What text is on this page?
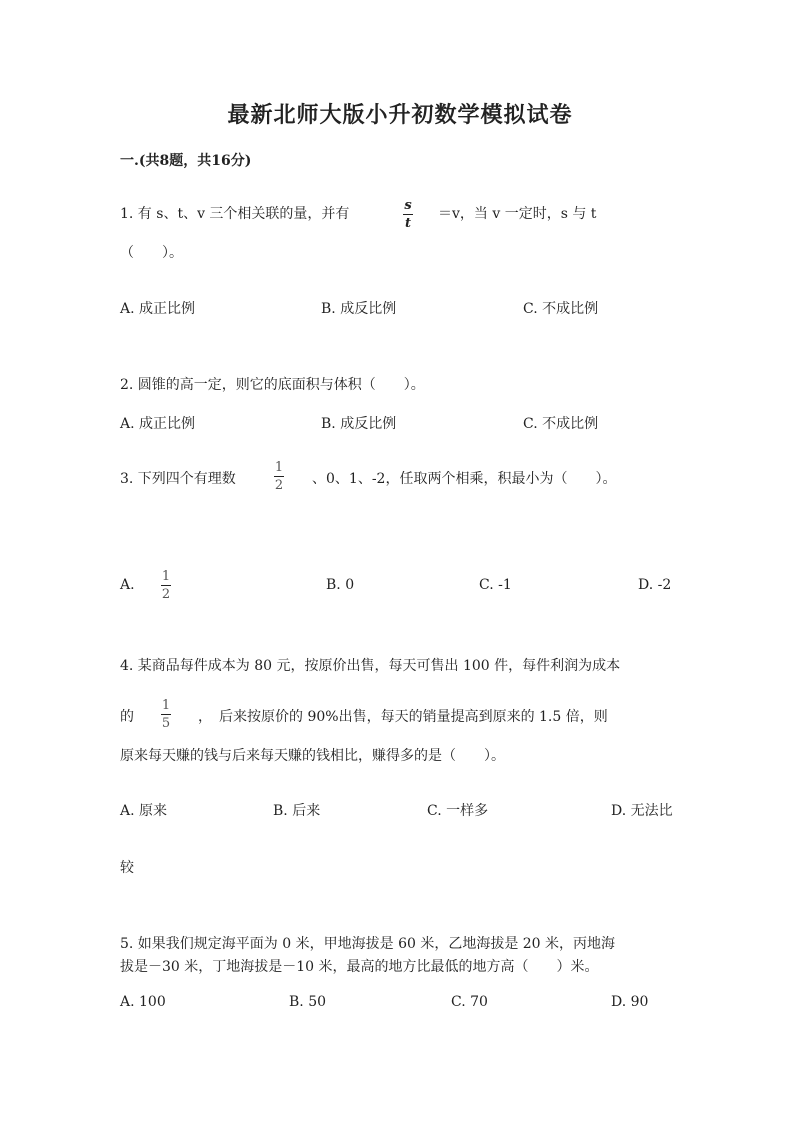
最新北师大版小升初数学模拟试卷
一.(共8题，共16分)
1. 有 s、t、v 三个相关联的量，并有
s
t
＝v，当 v 一定时，s 与 t
（　　）。
A. 成正比例	B. 成反比例	C. 不成比例
2. 圆锥的高一定，则它的底面积与体积（　　）。
A. 成正比例	B. 成反比例	C. 不成比例
3. 下列四个有理数
1
2 、0、1、-2，任取两个相乘，积最小为（　　）。
A.
1
2
B. 0	C. -1	D. -2
4. 某商品每件成本为 80 元，按原价出售，每天可售出 100 件，每件利润为成本
的
1
5 ，　后来按原价的 90%出售，每天的销量提高到原来的 1.5 倍，则
原来每天赚的钱与后来每天赚的钱相比，赚得多的是（　　）。
A. 原来	B. 后来	C. 一样多	D. 无法比
较
5. 如果我们规定海平面为 0 米，甲地海拔是 60 米，乙地海拔是 20 米，丙地海
拔是－30 米，丁地海拔是－10 米，最高的地方比最低的地方高（　　）米。
A. 100	B. 50	C. 70	D. 90
